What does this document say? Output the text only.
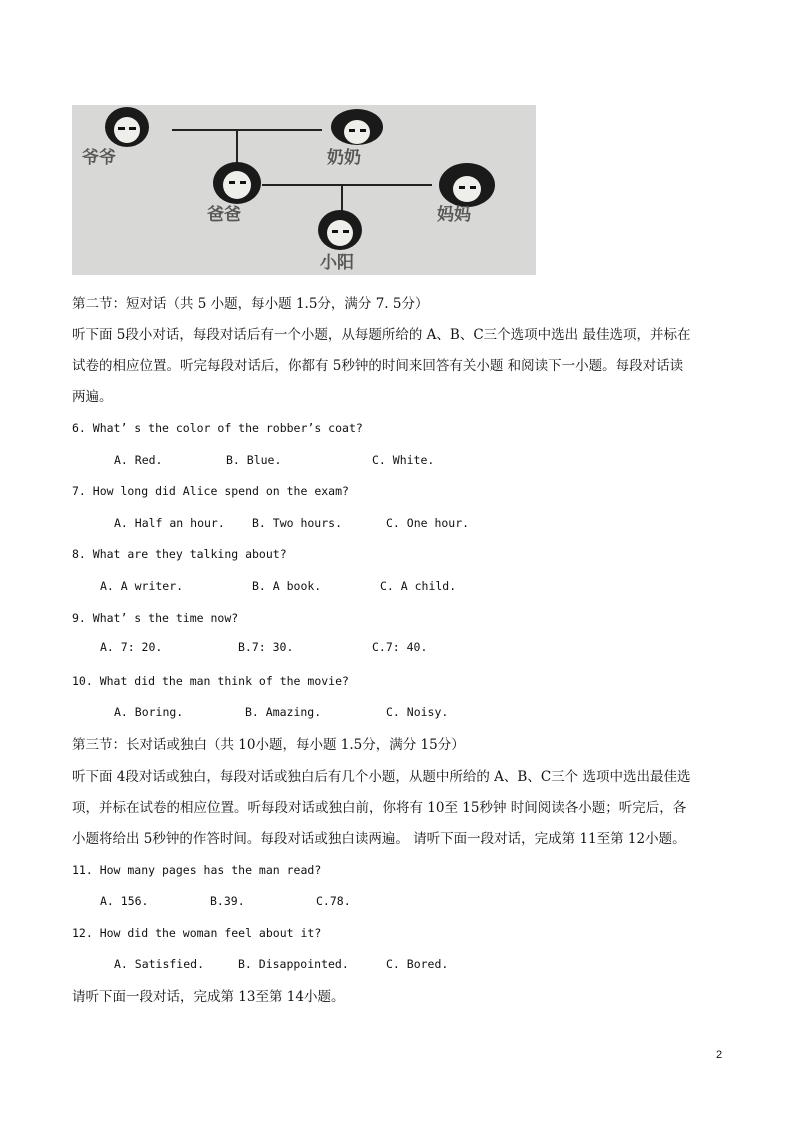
爷爷	奶奶
爸爸	妈妈
小阳
第二节：短对话（共 5 小题，每小题 1.5分，满分 7. 5分）
听下面 5段小对话，每段对话后有一个小题，从每题所给的 A、B、C三个选项中选出 最佳选项，并标在
试卷的相应位置。听完每段对话后，你都有 5秒钟的时间来回答有关小题 和阅读下一小题。每段对话读
两遍。
6. What’ s the color of the robber’s coat?
A. Red.	B. Blue.	C. White.
7. How long did Alice spend on the exam?
A. Half an hour. B. Two hours.	C. One hour.
8. What are they talking about?
A. A writer.	B. A book.	C. A child.
9. What’ s the time now?
A. 7: 20.	B.7: 30.	C.7: 40.
10. What did the man think of the movie?
A. Boring.	B. Amazing.	C. Noisy.
第三节：长对话或独白（共 10小题，每小题 1.5分，满分 15分）
听下面 4段对话或独白，每段对话或独白后有几个小题，从题中所给的 A、B、C三个 选项中选出最佳选
项，并标在试卷的相应位置。听每段对话或独白前，你将有 10至 15秒钟 时间阅读各小题；听完后，各
小题将给出 5秒钟的作答时间。每段对话或独白读两遍。 请听下面一段对话，完成第 11至第 12小题。
11. How many pages has the man read?
A. 156.	B.39.	C.78.
12. How did the woman feel about it?
A. Satisfied.	B. Disappointed.	C. Bored.
请听下面一段对话，完成第 13至第 14小题。
2
